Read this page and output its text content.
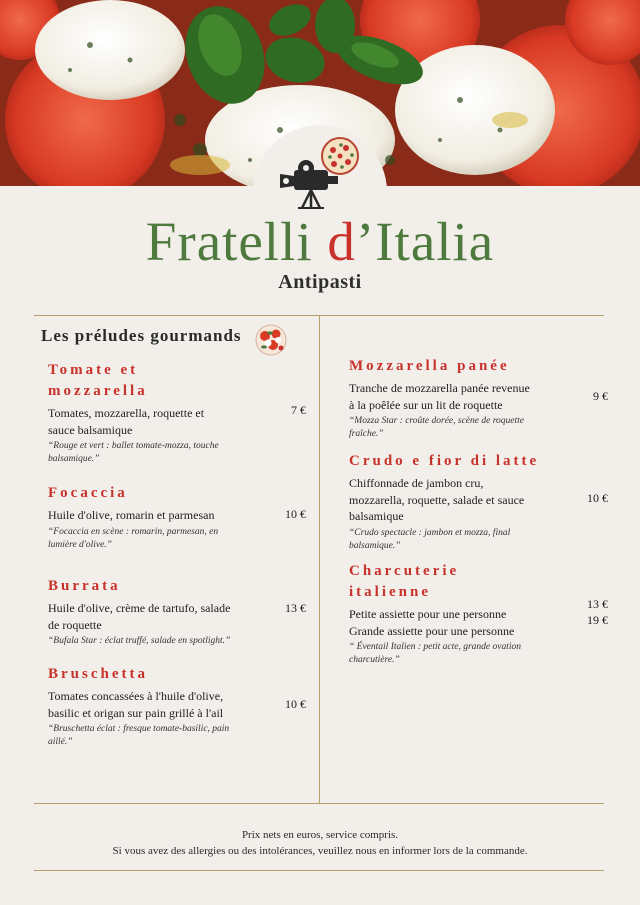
Fratelli d’Italia
Antipasti
Les préludes gourmands
Tomate et
mozzarella
Tomates, mozzarella, roquette et
sauce balsamique
“Rouge et vert : ballet tomate-mozza, touche
balsamique.”
7 €
Focaccia
Huile d'olive, romarin et parmesan
“Focaccia en scène : romarin, parmesan, en
lumière d'olive.”
10 €
Burrata
Huile d'olive, crème de tartufo, salade
de roquette
“Bufala Star : éclat truffé, salade en spotlight.”
13 €
Bruschetta
Tomates concassées à l'huile d'olive,
basilic et origan sur pain grillé à l'ail
“Bruschetta éclat : fresque tomate-basilic, pain
aillé.”
10 €
Mozzarella panée
Tranche de mozzarella panée revenue
à la poêlée sur un lit de roquette
“Mozza Star : croûte dorée, scène de roquette
fraîche.”
9 €
Crudo e fior di latte
Chiffonnade de jambon cru,
mozzarella, roquette, salade et sauce
balsamique
“Crudo spectacle : jambon et mozza, final
balsamique.”
10 €
Charcuterie
italienne
Petite assiette pour une personne
Grande assiette pour une personne
“ Éventail Italien : petit acte, grande ovation
charcutière.”
13 €
19 €
Prix nets en euros, service compris.
Si vous avez des allergies ou des intolérances, veuillez nous en informer lors de la commande.
